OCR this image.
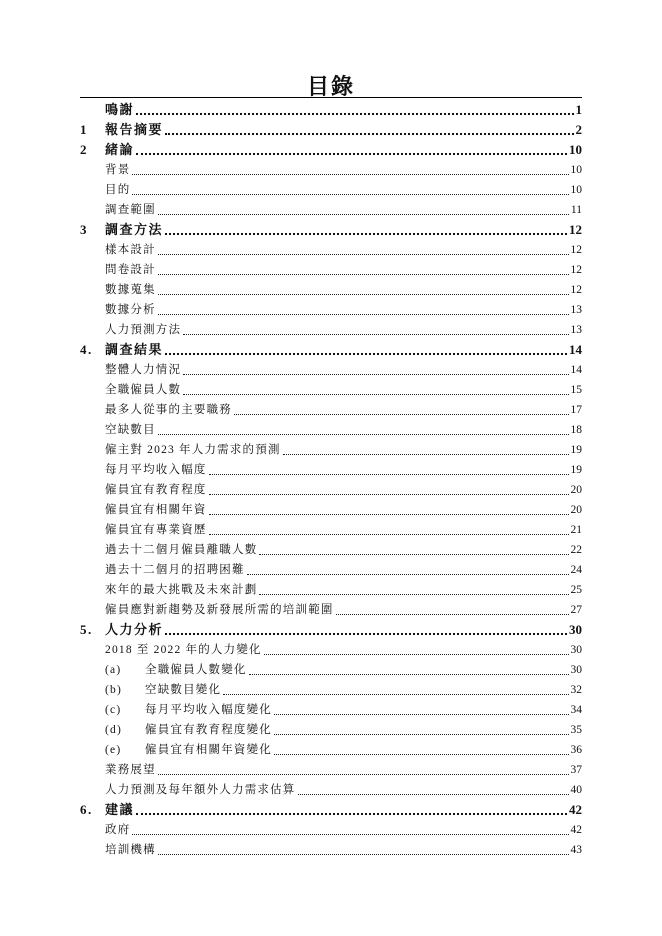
目錄
鳴謝	1
1	報告摘要	2
2	緒論	10
背景	10
目的	10
調查範圍	11
3	調查方法	12
樣本設計	12
問卷設計	12
數據蒐集	12
數據分析	13
人力預測方法	13
4. 調查結果	14
整體人力情況	14
全職僱員人數	15
最多人從事的主要職務	17
空缺數目	18
僱主對 2023 年人力需求的預測	19
每月平均收入幅度	19
僱員宜有教育程度	20
僱員宜有相關年資	20
僱員宜有專業資歷	21
過去十二個月僱員離職人數	22
過去十二個月的招聘困難	24
來年的最大挑戰及未來計劃	25
僱員應對新趨勢及新發展所需的培訓範圍	27
5. 人力分析	30
2018 至 2022 年的人力變化	30
(a)	全職僱員人數變化	30
(b)	空缺數目變化	32
(c)	每月平均收入幅度變化	34
(d)	僱員宜有教育程度變化	35
(e)	僱員宜有相關年資變化	36
業務展望	37
人力預測及每年額外人力需求估算	40
6. 建議	42
政府	42
培訓機構	43
